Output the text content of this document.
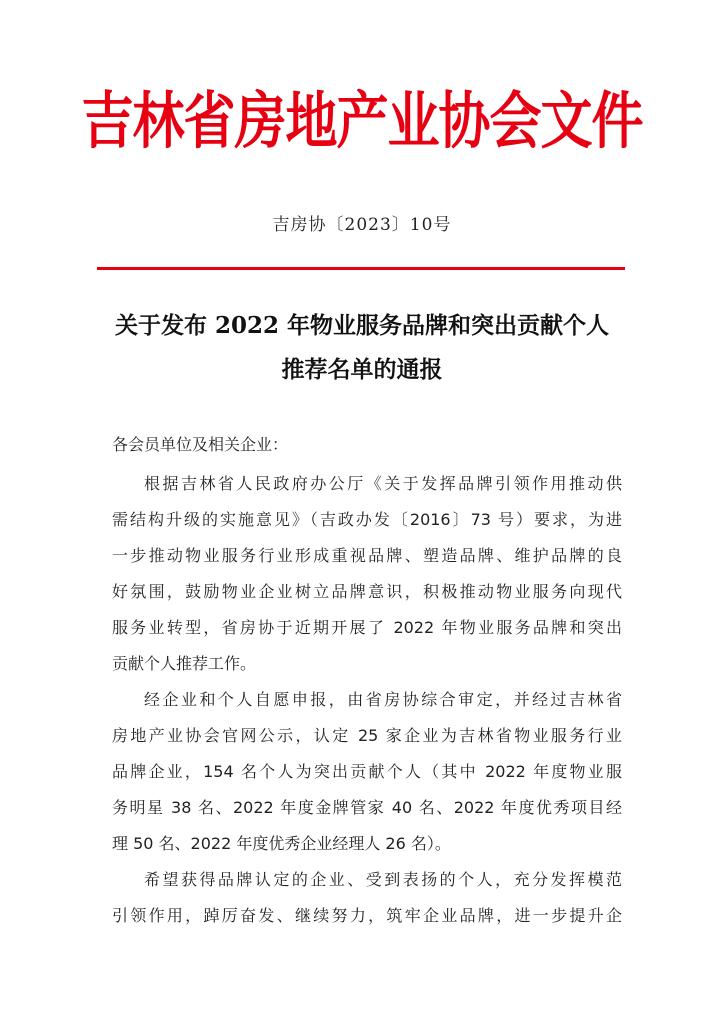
吉林省房地产业协会文件
吉房协〔2023〕10号
关于发布 2022 年物业服务品牌和突出贡献个人
推荐名单的通报
各会员单位及相关企业：
根据吉林省人民政府办公厅《关于发挥品牌引领作用推动供
需结构升级的实施意见》（吉政办发〔2016〕73 号）要求，为进
一步推动物业服务行业形成重视品牌、塑造品牌、维护品牌的良
好氛围，鼓励物业企业树立品牌意识，积极推动物业服务向现代
服务业转型，省房协于近期开展了 2022 年物业服务品牌和突出
贡献个人推荐工作。
经企业和个人自愿申报，由省房协综合审定，并经过吉林省
房地产业协会官网公示，认定 25 家企业为吉林省物业服务行业
品牌企业，154 名个人为突出贡献个人（其中 2022 年度物业服
务明星 38 名、2022 年度金牌管家 40 名、2022 年度优秀项目经
理 50 名、2022 年度优秀企业经理人 26 名）。
希望获得品牌认定的企业、受到表扬的个人，充分发挥模范
引领作用，踔厉奋发、继续努力，筑牢企业品牌，进一步提升企
